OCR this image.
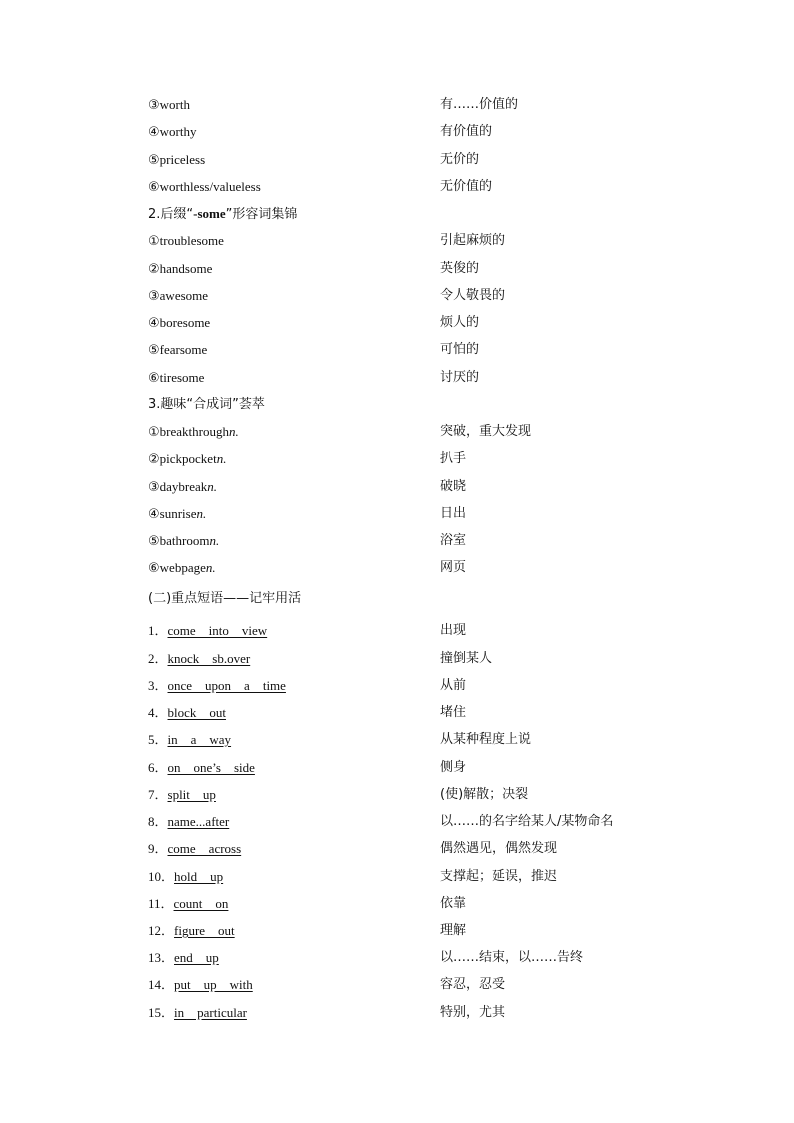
③worth	有……价值的
④worthy	有价值的
⑤priceless	无价的
⑥worthless/valueless	无价值的
2.后缀“-some”形容词集锦
①troublesome	引起麻烦的
②handsome	英俊的
③awesome	令人敬畏的
④boresome	烦人的
⑤fearsome	可怕的
⑥tiresome	讨厌的
3.趣味“合成词”荟萃
①breakthroughn.	突破，重大发现
②pickpocketn.	扒手
③daybreakn.	破晓
④sunrisen.	日出
⑤bathroomn.	浴室
⑥webpagen.	网页
(二)重点短语——记牢用活
1．come    into    view	出现
2．knock    sb.over	撞倒某人
3．once    upon    a    time	从前
4．block    out	堵住
5．in    a    way	从某种程度上说
6．on    one’s    side	侧身
7．split    up	(使)解散；决裂
8．name...after	以……的名字给某人/某物命名
9．come    across	偶然遇见，偶然发现
10．hold    up	支撑起；延误，推迟
11．count    on	依靠
12．figure    out	理解
13．end    up	以……结束，以……告终
14．put    up    with	容忍，忍受
15．in    particular	特别，尤其
